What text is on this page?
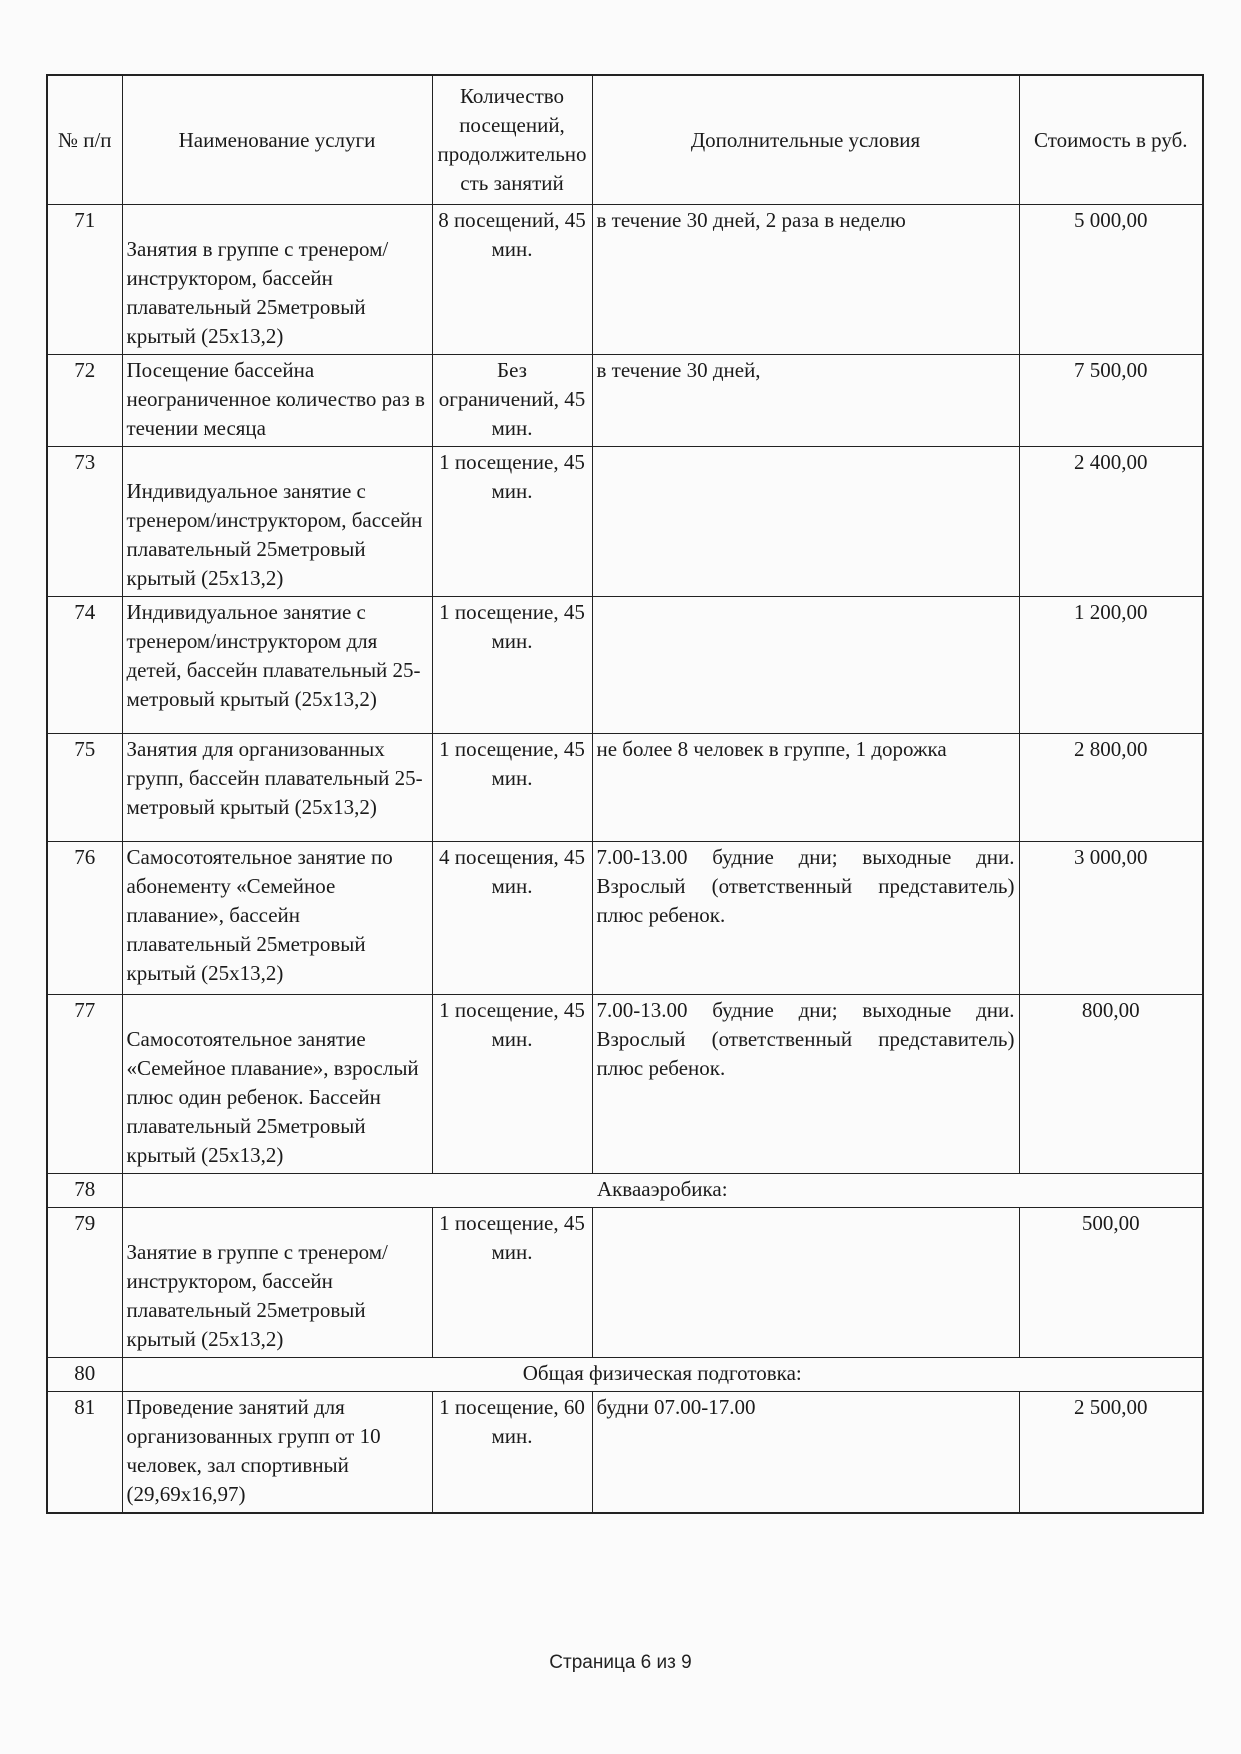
№ п/п	Наименование услуги	Количество посещений, продолжительно сть занятий	Дополнительные условия	Стоимость в руб.
71	Занятия в группе с тренером/инструктором, бассейн плавательный 25метровый крытый (25х13,2)	8 посещений, 45 мин.	в течение 30 дней, 2 раза в неделю	5 000,00
72	Посещение бассейна неограниченное количество раз в течении месяца	Без ограничений, 45 мин.	в течение 30 дней,	7 500,00
73	Индивидуальное занятие с тренером/инструктором, бассейн плавательный 25метровый крытый (25х13,2)	1 посещение, 45 мин.		2 400,00
74	Индивидуальное занятие с тренером/инструктором для детей, бассейн плавательный 25-метровый крытый (25х13,2)	1 посещение, 45 мин.		1 200,00
75	Занятия для организованных групп, бассейн плавательный 25-метровый крытый (25х13,2)	1 посещение, 45 мин.	не более 8 человек в группе, 1 дорожка	2 800,00
76	Самосотоятельное занятие по абонементу «Семейное плавание», бассейн плавательный 25метровый крытый (25х13,2)	4 посещения, 45 мин.	7.00-13.00 будние дни; выходные дни. Взрослый (ответственный представитель) плюс ребенок.	3 000,00
77	Самосотоятельное занятие «Семейное плавание», взрослый плюс один ребенок. Бассейн плавательный 25метровый крытый (25х13,2)	1 посещение, 45 мин.	7.00-13.00 будние дни; выходные дни. Взрослый (ответственный представитель) плюс ребенок.	800,00
78	Аквааэробика:			
79	Занятие в группе с тренером/инструктором, бассейн плавательный 25метровый крытый (25х13,2)	1 посещение, 45 мин.		500,00
80	Общая физическая подготовка:			
81	Проведение занятий для организованных групп от 10 человек, зал спортивный (29,69х16,97)	1 посещение, 60 мин.	будни 07.00-17.00	2 500,00
Страница 6 из 9
